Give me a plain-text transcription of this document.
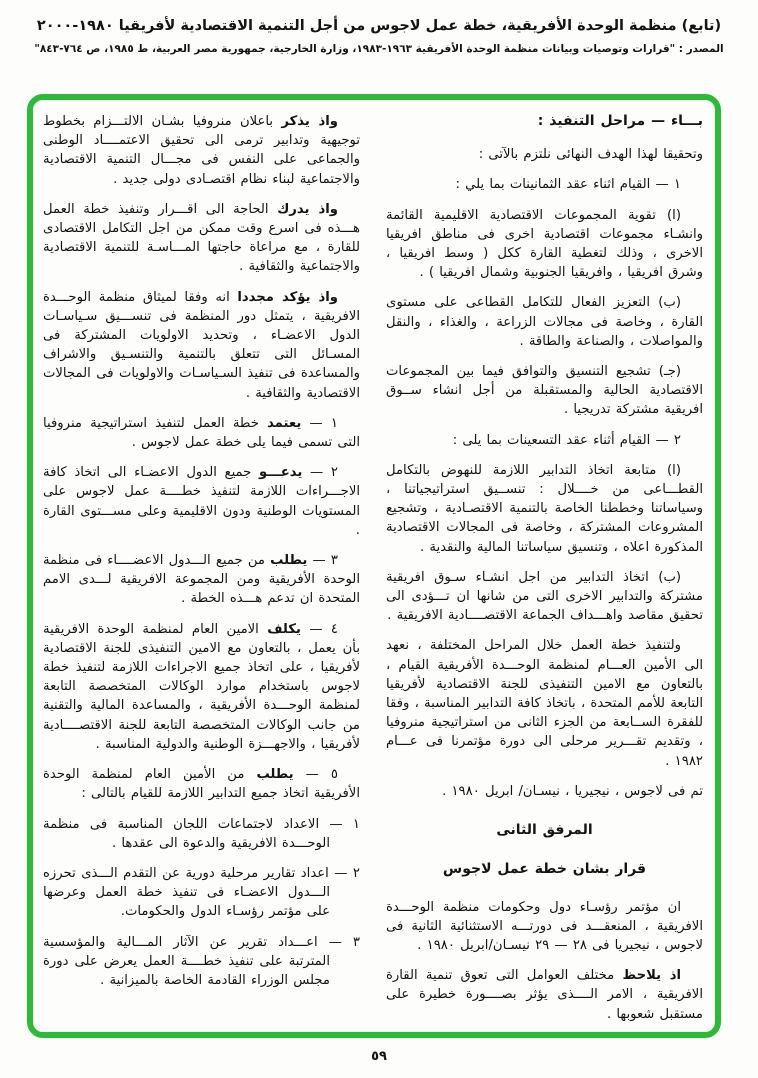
(تابع) منظمة الوحدة الأفريقية، خطة عمل لاجوس من أجل التنمية الاقتصادية لأفريقيا ١٩٨٠-٢٠٠٠
المصدر : "قرارات وتوصيات وبيانات منظمة الوحدة الأفريقية ١٩٦٣-١٩٨٣، وزارة الخارجية، جمهورية مصر العربية، ط ١٩٨٥، ص ٧٦٤-٨٤٣"

بـــاء — مراحل التنفيذ :

وتحقيقا لهذا الهدف النهائى نلتزم بالآتى :

١ — القيام اثناء عقد الثمانينات بما يلي :

(ا) تقوية المجموعات الاقتصادية الاقليمية القائمة وانشـاء مجموعات اقتصادية اخرى فى مناطق افريقيا الاخرى ، وذلك لتغطية القارة ككل ( وسط افريقيا ، وشرق افريقيا ، وافريقيا الجنوبية وشمال افريقيا ) .

(ب) التعزيز الفعال للتكامل القطاعى على مستوى القارة ، وخاصة فى مجالات الزراعة ، والغذاء ، والنقل والمواصلات ، والصناعة والطاقة .

(جـ) تشجيع التنسيق والتوافق فيما بين المجموعات الاقتصادية الحالية والمستقبلة من أجل انشاء ســوق افريقية مشتركة تدريجيا .

٢ — القيام أثناء عقد التسعينات بما يلى :

(ا) متابعة اتخاذ التدابير اللازمة للنهوض بالتكامل القطـــاعى من خــــلال : تنســيق استراتيجياتنا ، وسياساتنا وخططنا الخاصة بالتنمية الاقتصـادية ، وتشجيع المشروعات المشتركة ، وخاصة فى المجالات الاقتصادية المذكورة اعلاه ، وتنسيق سياساتنا المالية والنقدية .

(ب) اتخاذ التدابير من اجل انشـاء سـوق افريقية مشتركة والتدابير الاخرى التى من شانها ان تـــؤدى الى تحقيق مقاصد واهـــداف الجماعة الاقتصــــادية الافريقية .

ولتنفيذ خطة العمل خلال المراحل المختلفة ، نعهد الى الأمين العـــام لمنظمة الوحـــدة الأفريقية القيام ، بالتعاون مع الامين التنفيذى للجنة الاقتصادية لأفريقيا التابعة للأمم المتحدة ، باتخاذ كافة التدابير المناسبة ، وفقا للفقرة الســابعة من الجزء الثانى من استراتيجية منروفيا ، وتقديم تقـــرير مرحلى الى دورة مؤتمرنا فى عـــام ١٩٨٢ .

تم فى لاجوس ، نيجيريا ، نيسـان/ ابريل ١٩٨٠ .

المرفق الثانى

قرار بشان خطة عمل لاجوس

ان مؤتمر رؤسـاء دول وحكومات منظمة الوحـــدة الافريقية ، المنعقـــد فى دورتـــه الاستثنائية الثانية فى لاجوس ، نيجيريا فى ٢٨ — ٢٩ نيسـان/ابريل ١٩٨٠ .

اذ يلاحظ مختلف العوامل التى تعوق تنمية القارة الافريقية ، الامر الــــذى يؤثر بصــــورة خطيرة على مستقبل شعوبها .

واذ يذكر باعلان منروفيا بشـان الالتـــزام بخطوط توجيهية وتدابير ترمى الى تحقيق الاعتمــــاد الوطنى والجماعى على النفس فى مجـــال التنمية الاقتصادية والاجتماعية لبناء نظام اقتصـادى دولى جديد .

واذ يدرك الحاجة الى اقـــرار وتنفيذ خطة العمل هـــذه فى اسرع وقت ممكن من اجل التكامل الاقتصادى للقارة ، مع مراعاة حاجتها المـــاسـة للتنمية الاقتصادية والاجتماعية والثقافية .

واذ يؤكد مجددا انه وفقا لميثاق منظمة الوحـــدة الافريقية ، يتمثل دور المنظمة فى تنســـيق سـياسـات الدول الاعضـاء ، وتحديد الاولويات المشتركة فى المسـائل التى تتعلق بالتنمية والتنسـيق والاشراف والمساعدة فى تنفيذ السـياسـات والاولويات فى المجالات الاقتصادية والثقافية .

١ — يعتمد خطة العمل لتنفيذ استراتيجية منروفيا التى تسمى فيما يلى خطة عمل لاجوس .

٢ — يدعـــو جميع الدول الاعضـاء الى اتخاذ كافة الاجـــراءات اللازمة لتنفيذ خطــــة عمل لاجوس على المستويات الوطنية ودون الاقليمية وعلى مســـتوى القارة .

٣ — يطلب من جميع الـــدول الاعضــــاء فى منظمة الوحدة الأفريقية ومن المجموعة الافريقية لـــدى الامم المتحدة ان تدعم هـــذه الخطة .

٤ — يكلف الامين العام لمنظمة الوحدة الافريقية بأن يعمل ، بالتعاون مع الامين التنفيذى للجنة الاقتصادية لأفريقيا ، على اتخاذ جميع الاجراءات اللازمة لتنفيذ خطة لاجوس باستخدام موارد الوكالات المتخصصة التابعة لمنظمة الوحـــدة الأفريقية ، والمساعدة المالية والتقنية من جانب الوكالات المتخصصة التابعة للجنة الاقتصــــادية لأفريقيا ، والاجهـــزة الوطنية والدولية المناسبة .

٥ — يطلب من الأمين العام لمنظمة الوحدة الأفريقية اتخاذ جميع التدابير اللازمة للقيام بالتالى :

١ — الاعداد لاجتماعات اللجان المناسبة فى منظمة الوحـــدة الافريقية والدعوة الى عقدها .

٢ — اعداد تقارير مرحلية دورية عن التقدم الـــذى تحرزه الـــدول الاعضـاء فى تنفيذ خطة العمل وعرضها على مؤتمر رؤسـاء الدول والحكومات.

٣ — اعـــداد تقرير عن الآثار المـــالية والمؤسسية المترتبة على تنفيذ خطــــة العمل يعرض على دورة مجلس الوزراء القادمة الخاصة بالميزانية .

٥٩
